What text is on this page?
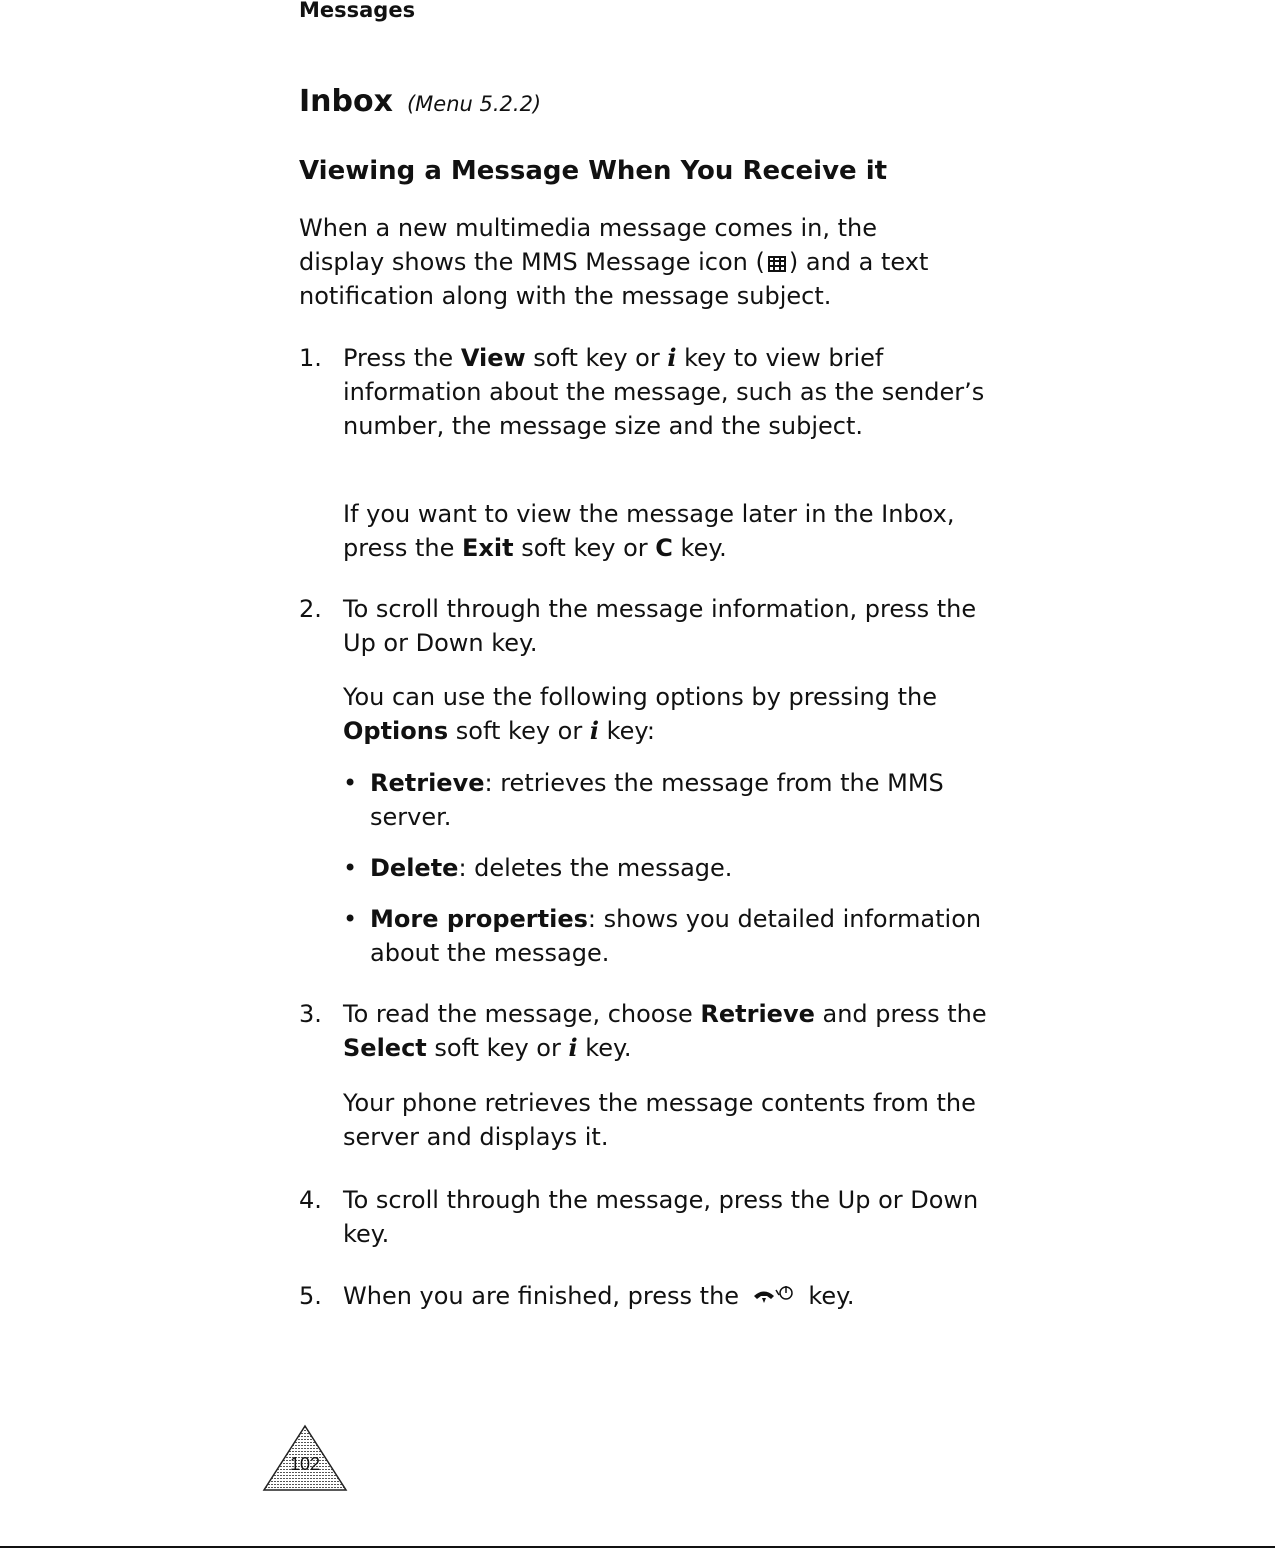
Messages
Inbox (Menu 5.2.2)
Viewing a Message When You Receive it
When a new multimedia message comes in, the display shows the MMS Message icon ( ) and a text notification along with the message subject.
1. Press the View soft key or i key to view brief information about the message, such as the sender’s number, the message size and the subject.
If you want to view the message later in the Inbox, press the Exit soft key or C key.
2. To scroll through the message information, press the Up or Down key.
You can use the following options by pressing the Options soft key or i key:
• Retrieve: retrieves the message from the MMS server.
• Delete: deletes the message.
• More properties: shows you detailed information about the message.
3. To read the message, choose Retrieve and press the Select soft key or i key.
Your phone retrieves the message contents from the server and displays it.
4. To scroll through the message, press the Up or Down key.
5. When you are finished, press the  key.
102
